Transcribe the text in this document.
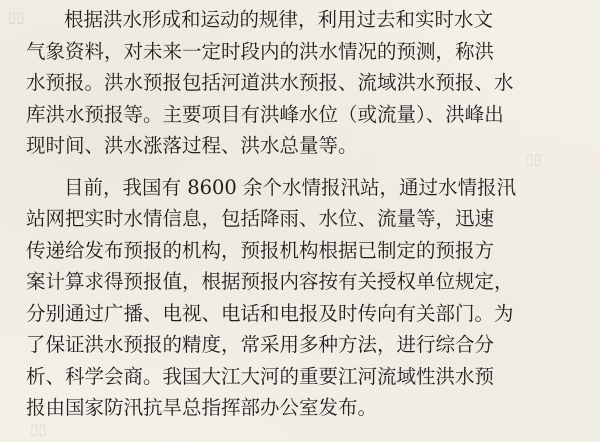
▯▯
▯▯
▯▯
根据洪水形成和运动的规律，利用过去和实时水文
气象资料，对未来一定时段内的洪水情况的预测，称洪
水预报。洪水预报包括河道洪水预报、流域洪水预报、水
库洪水预报等。主要项目有洪峰水位（或流量）、洪峰出
现时间、洪水涨落过程、洪水总量等。
目前，我国有 8600 余个水情报汛站，通过水情报汛
站网把实时水情信息，包括降雨、水位、流量等，迅速
传递给发布预报的机构，预报机构根据已制定的预报方
案计算求得预报值，根据预报内容按有关授权单位规定，
分别通过广播、电视、电话和电报及时传向有关部门。为
了保证洪水预报的精度，常采用多种方法，进行综合分
析、科学会商。我国大江大河的重要江河流域性洪水预
报由国家防汛抗旱总指挥部办公室发布。
